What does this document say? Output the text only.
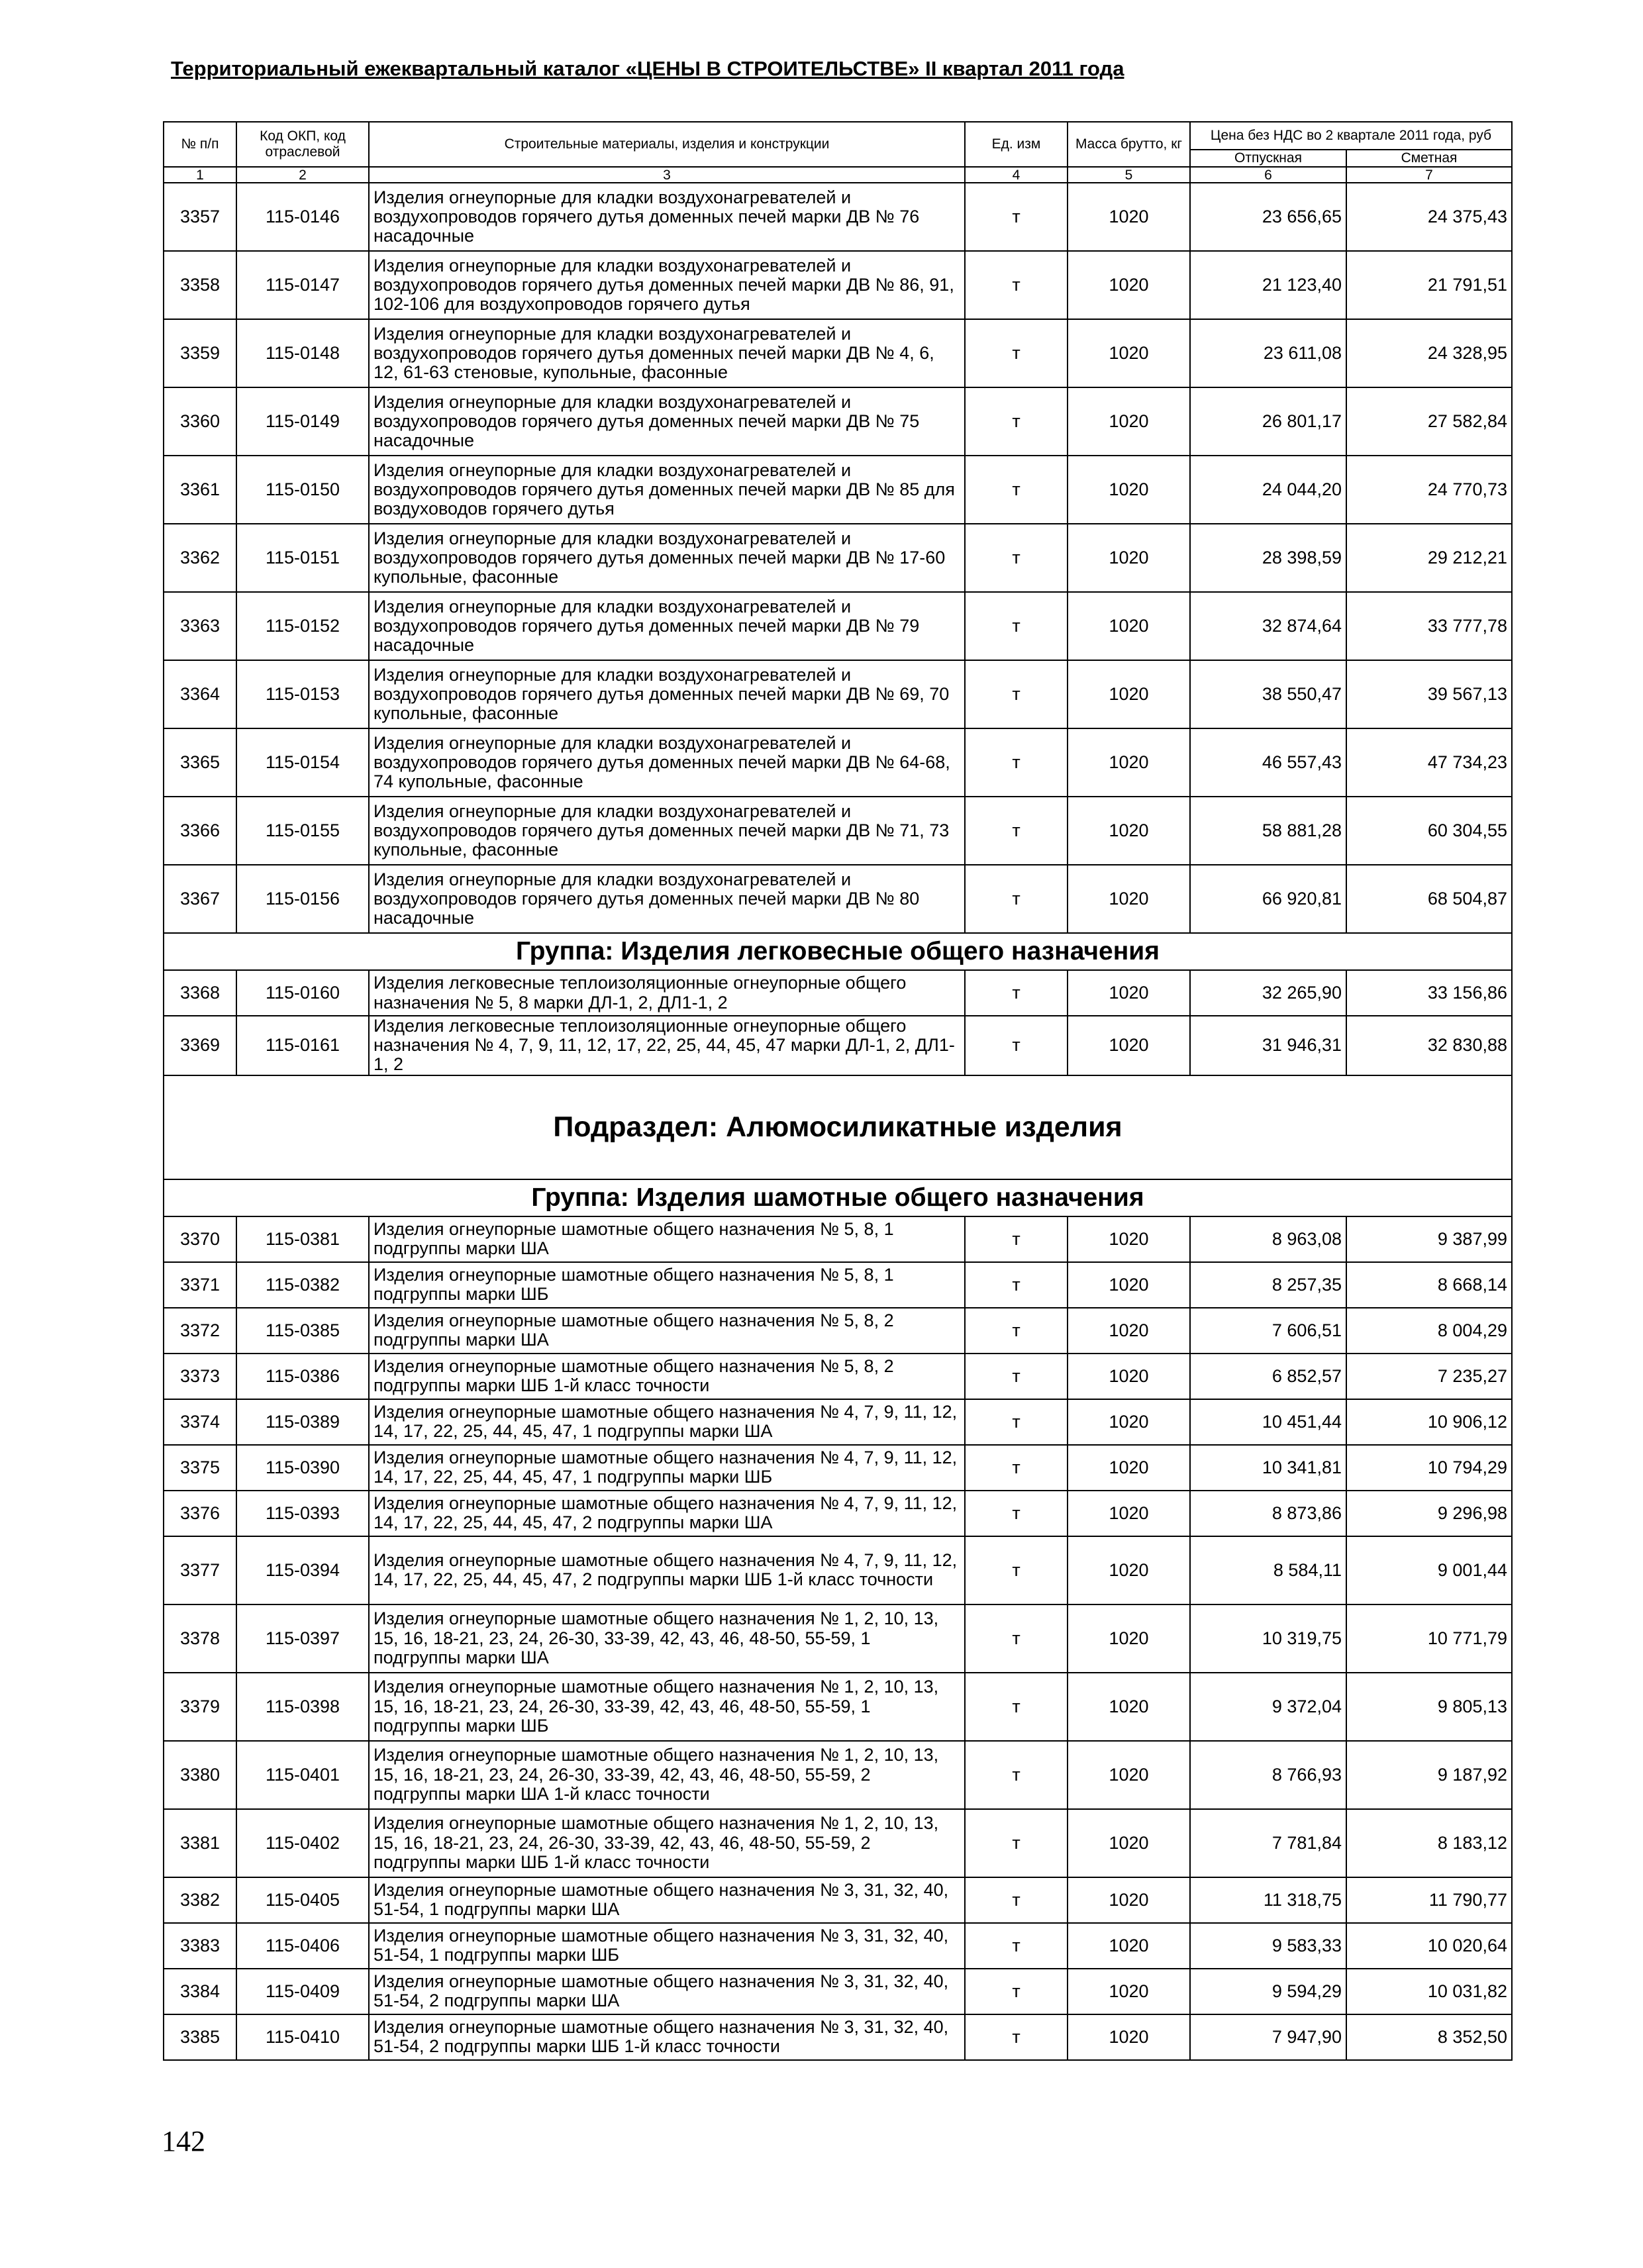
Территориальный ежеквартальный каталог «ЦЕНЫ В СТРОИТЕЛЬСТВЕ» II квартал 2011 года
№ п/п	Код ОКП, код отраслевой	Строительные материалы, изделия и конструкции	Ед. изм	Масса брутто, кг	Цена без НДС во 2 квартале 2011 года, руб	
					Отпускная	Сметная
1	2	3	4	5	6	7
3357	115-0146	Изделия огнеупорные для кладки воздухонагревателей и воздухопроводов горячего дутья доменных печей марки ДВ № 76 насадочные	т	1020	23 656,65	24 375,43
3358	115-0147	Изделия огнеупорные для кладки воздухонагревателей и воздухопроводов горячего дутья доменных печей марки ДВ № 86, 91, 102-106 для воздухопроводов горячего дутья	т	1020	21 123,40	21 791,51
3359	115-0148	Изделия огнеупорные для кладки воздухонагревателей и воздухопроводов горячего дутья доменных печей марки ДВ № 4, 6, 12, 61-63 стеновые, купольные, фасонные	т	1020	23 611,08	24 328,95
3360	115-0149	Изделия огнеупорные для кладки воздухонагревателей и воздухопроводов горячего дутья доменных печей марки ДВ № 75 насадочные	т	1020	26 801,17	27 582,84
3361	115-0150	Изделия огнеупорные для кладки воздухонагревателей и воздухопроводов горячего дутья доменных печей марки ДВ № 85 для воздуховодов горячего дутья	т	1020	24 044,20	24 770,73
3362	115-0151	Изделия огнеупорные для кладки воздухонагревателей и воздухопроводов горячего дутья доменных печей марки ДВ № 17-60 купольные, фасонные	т	1020	28 398,59	29 212,21
3363	115-0152	Изделия огнеупорные для кладки воздухонагревателей и воздухопроводов горячего дутья доменных печей марки ДВ № 79 насадочные	т	1020	32 874,64	33 777,78
3364	115-0153	Изделия огнеупорные для кладки воздухонагревателей и воздухопроводов горячего дутья доменных печей марки ДВ № 69, 70 купольные, фасонные	т	1020	38 550,47	39 567,13
3365	115-0154	Изделия огнеупорные для кладки воздухонагревателей и воздухопроводов горячего дутья доменных печей марки ДВ № 64-68, 74 купольные, фасонные	т	1020	46 557,43	47 734,23
3366	115-0155	Изделия огнеупорные для кладки воздухонагревателей и воздухопроводов горячего дутья доменных печей марки ДВ № 71, 73 купольные, фасонные	т	1020	58 881,28	60 304,55
3367	115-0156	Изделия огнеупорные для кладки воздухонагревателей и воздухопроводов горячего дутья доменных печей марки ДВ № 80 насадочные	т	1020	66 920,81	68 504,87
Группа: Изделия легковесные общего назначения						
3368	115-0160	Изделия легковесные теплоизоляционные огнеупорные общего назначения № 5, 8 марки ДЛ-1, 2, ДЛ1-1, 2	т	1020	32 265,90	33 156,86
3369	115-0161	Изделия легковесные теплоизоляционные огнеупорные общего назначения № 4, 7, 9, 11, 12, 17, 22, 25, 44, 45, 47 марки ДЛ-1, 2, ДЛ1-1, 2	т	1020	31 946,31	32 830,88
Подраздел: Алюмосиликатные изделия						
Группа: Изделия шамотные общего назначения						
3370	115-0381	Изделия огнеупорные шамотные общего назначения № 5, 8, 1 подгруппы марки ША	т	1020	8 963,08	9 387,99
3371	115-0382	Изделия огнеупорные шамотные общего назначения № 5, 8, 1 подгруппы марки ШБ	т	1020	8 257,35	8 668,14
3372	115-0385	Изделия огнеупорные шамотные общего назначения № 5, 8, 2 подгруппы марки ША	т	1020	7 606,51	8 004,29
3373	115-0386	Изделия огнеупорные шамотные общего назначения № 5, 8, 2 подгруппы марки ШБ 1-й класс точности	т	1020	6 852,57	7 235,27
3374	115-0389	Изделия огнеупорные шамотные общего назначения № 4, 7, 9, 11, 12, 14, 17, 22, 25, 44, 45, 47, 1 подгруппы марки ША	т	1020	10 451,44	10 906,12
3375	115-0390	Изделия огнеупорные шамотные общего назначения № 4, 7, 9, 11, 12, 14, 17, 22, 25, 44, 45, 47, 1 подгруппы марки ШБ	т	1020	10 341,81	10 794,29
3376	115-0393	Изделия огнеупорные шамотные общего назначения № 4, 7, 9, 11, 12, 14, 17, 22, 25, 44, 45, 47, 2 подгруппы марки ША	т	1020	8 873,86	9 296,98
3377	115-0394	Изделия огнеупорные шамотные общего назначения № 4, 7, 9, 11, 12, 14, 17, 22, 25, 44, 45, 47, 2 подгруппы марки ШБ 1-й класс точности	т	1020	8 584,11	9 001,44
3378	115-0397	Изделия огнеупорные шамотные общего назначения № 1, 2, 10, 13, 15, 16, 18-21, 23, 24, 26-30, 33-39, 42, 43, 46, 48-50, 55-59, 1 подгруппы марки ША	т	1020	10 319,75	10 771,79
3379	115-0398	Изделия огнеупорные шамотные общего назначения № 1, 2, 10, 13, 15, 16, 18-21, 23, 24, 26-30, 33-39, 42, 43, 46, 48-50, 55-59, 1 подгруппы марки ШБ	т	1020	9 372,04	9 805,13
3380	115-0401	Изделия огнеупорные шамотные общего назначения № 1, 2, 10, 13, 15, 16, 18-21, 23, 24, 26-30, 33-39, 42, 43, 46, 48-50, 55-59, 2 подгруппы марки ША 1-й класс точности	т	1020	8 766,93	9 187,92
3381	115-0402	Изделия огнеупорные шамотные общего назначения № 1, 2, 10, 13, 15, 16, 18-21, 23, 24, 26-30, 33-39, 42, 43, 46, 48-50, 55-59, 2 подгруппы марки ШБ 1-й класс точности	т	1020	7 781,84	8 183,12
3382	115-0405	Изделия огнеупорные шамотные общего назначения № 3, 31, 32, 40, 51-54, 1 подгруппы марки ША	т	1020	11 318,75	11 790,77
3383	115-0406	Изделия огнеупорные шамотные общего назначения № 3, 31, 32, 40, 51-54, 1 подгруппы марки ШБ	т	1020	9 583,33	10 020,64
3384	115-0409	Изделия огнеупорные шамотные общего назначения № 3, 31, 32, 40, 51-54, 2 подгруппы марки ША	т	1020	9 594,29	10 031,82
3385	115-0410	Изделия огнеупорные шамотные общего назначения № 3, 31, 32, 40, 51-54, 2 подгруппы марки ШБ 1-й класс точности	т	1020	7 947,90	8 352,50
142
